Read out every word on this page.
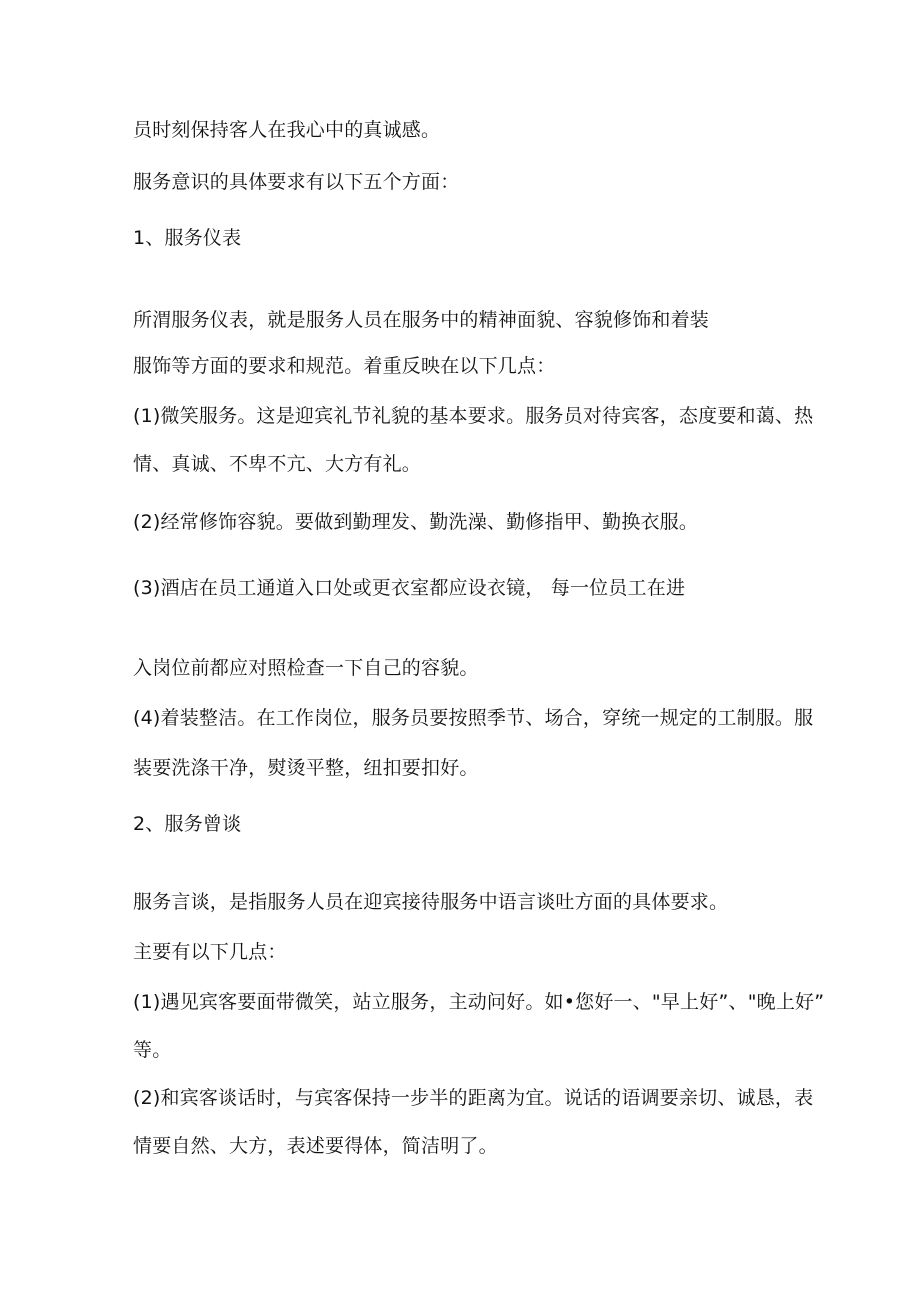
员时刻保持客人在我心中的真诚感。
服务意识的具体要求有以下五个方面：
1、服务仪表
所渭服务仪表，就是服务人员在服务中的精神面貌、容貌修饰和着装
服饰等方面的要求和规范。着重反映在以下几点：
(1)微笑服务。这是迎宾礼节礼貌的基本要求。服务员对待宾客，态度要和蔼、热
情、真诚、不卑不亢、大方有礼。
(2)经常修饰容貌。要做到勤理发、勤洗澡、勤修指甲、勤换衣服。
(3)酒店在员工通道入口处或更衣室都应设衣镜， 每一位员工在进
入岗位前都应对照检查一下自己的容貌。
(4)着装整洁。在工作岗位，服务员要按照季节、场合，穿统一规定的工制服。服
装要洗涤干净，熨烫平整，纽扣要扣好。
2、服务曾谈
服务言谈，是指服务人员在迎宾接待服务中语言谈吐方面的具体要求。
主要有以下几点：
(1)遇见宾客要面带微笑，站立服务，主动问好。如•您好一、"早上好”、"晚上好”
等。
(2)和宾客谈话时，与宾客保持一步半的距离为宜。说话的语调要亲切、诚恳，表
情要自然、大方，表述要得体，简洁明了。
